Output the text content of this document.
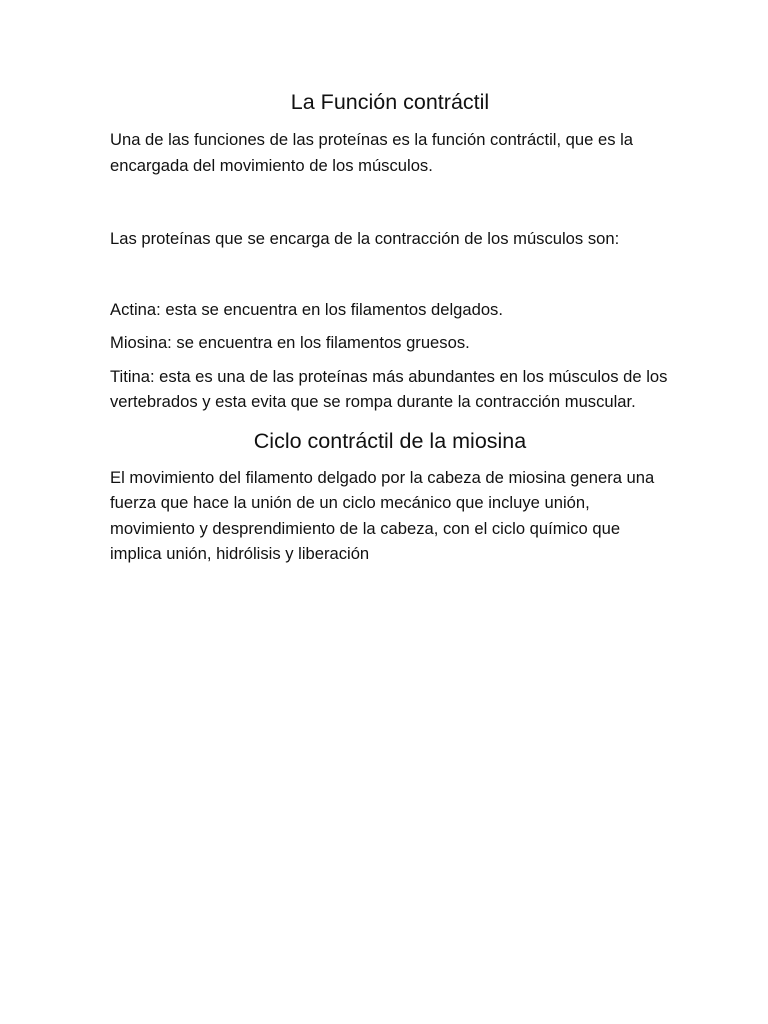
La Función contráctil

Una de las funciones de las proteínas es la función contráctil, que es la encargada del movimiento de los músculos.

Las proteínas que se encarga de la contracción de los músculos son:

Actina: esta se encuentra en los filamentos delgados.

Miosina: se encuentra en los filamentos gruesos.

Titina: esta es una de las proteínas más abundantes en los músculos de los vertebrados y esta evita que se rompa durante la contracción muscular.

Ciclo contráctil de la miosina

El movimiento del filamento delgado por la cabeza de miosina genera una fuerza que hace la unión de un ciclo mecánico que incluye unión, movimiento y desprendimiento de la cabeza, con el ciclo químico que implica unión, hidrólisis y liberación
